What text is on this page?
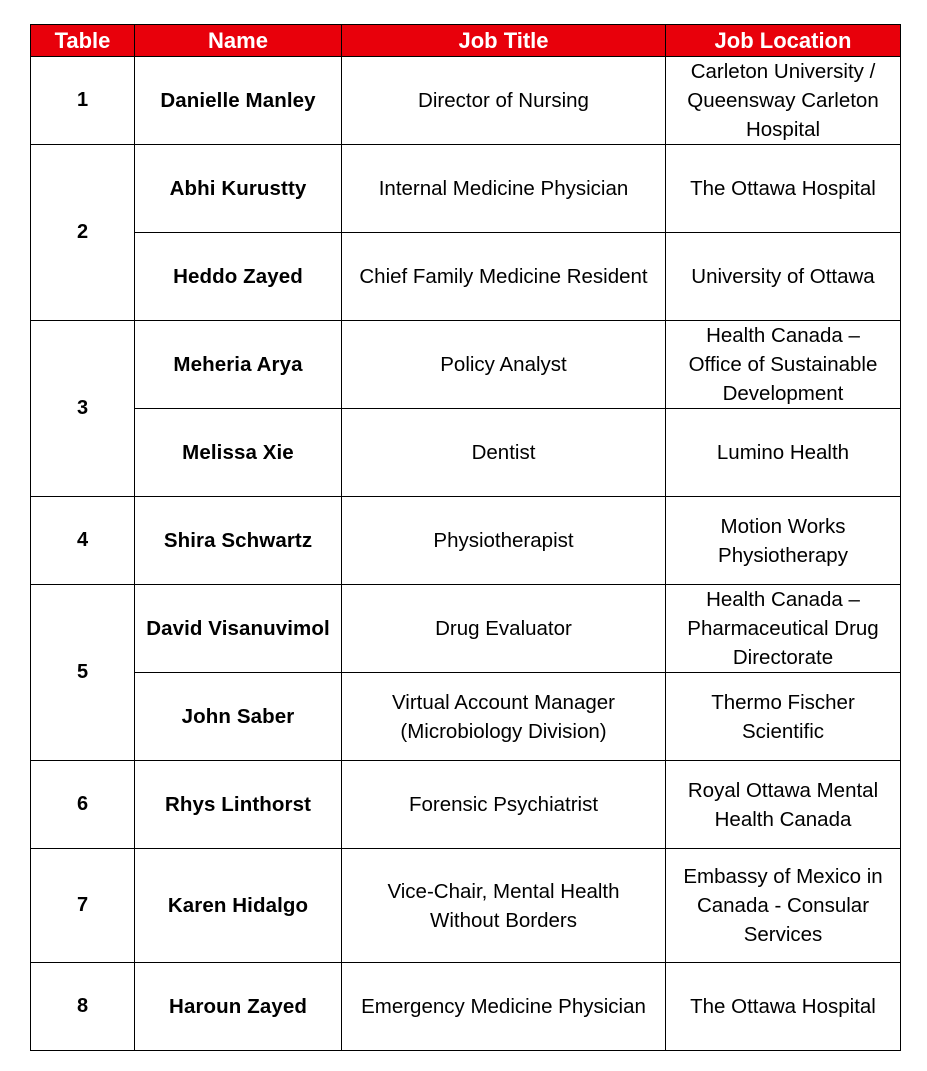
Table	Name	Job Title	Job Location
1	Danielle Manley	Director of Nursing	Carleton University /
Queensway Carleton
Hospital

2	Abhi Kurustty	Internal Medicine Physician	The Ottawa Hospital

	Heddo Zayed	Chief Family Medicine Resident	University of Ottawa

3	Meheria Arya	Policy Analyst	Health Canada –
Office of Sustainable
Development

	Melissa Xie	Dentist	Lumino Health

4	Shira Schwartz	Physiotherapist	Motion Works
Physiotherapy

5	David Visanuvimol	Drug Evaluator	Health Canada –
Pharmaceutical Drug
Directorate

	John Saber	Virtual Account Manager
(Microbiology Division)	Thermo Fischer
Scientific

6	Rhys Linthorst	Forensic Psychiatrist	Royal Ottawa Mental
Health Canada

7	Karen Hidalgo	Vice-Chair, Mental Health
Without Borders	Embassy of Mexico in
Canada - Consular
Services

8	Haroun Zayed	Emergency Medicine Physician	The Ottawa Hospital
